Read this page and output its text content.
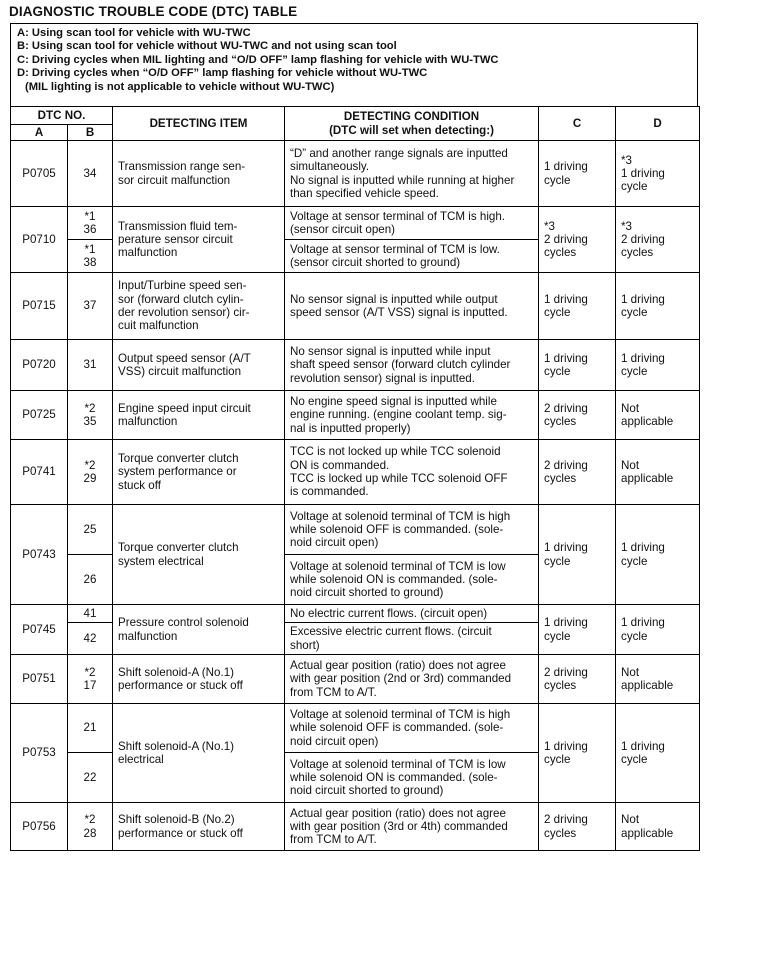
DIAGNOSTIC TROUBLE CODE (DTC) TABLE
A: Using scan tool for vehicle with WU-TWC
B: Using scan tool for vehicle without WU-TWC and not using scan tool
C: Driving cycles when MIL lighting and “O/D OFF” lamp flashing for vehicle with WU-TWC
D: Driving cycles when “O/D OFF” lamp flashing for vehicle without WU-TWC
(MIL lighting is not applicable to vehicle without WU-TWC)
DTC NO.		DETECTING ITEM	DETECTING CONDITION
(DTC will set when detecting:)	C	D
A	B				
P0705	34	Transmission range sen-
sor circuit malfunction	“D” and another range signals are inputted
simultaneously.
No signal is inputted while running at higher
than specified vehicle speed.	1 driving
cycle	*3
1 driving
cycle
P0710	*1
36	Transmission fluid tem-
perature sensor circuit
malfunction	Voltage at sensor terminal of TCM is high.
(sensor circuit open)	*3
2 driving
cycles	*3
2 driving
cycles
	*1
38		Voltage at sensor terminal of TCM is low.
(sensor circuit shorted to ground)		
P0715	37	Input/Turbine speed sen-
sor (forward clutch cylin-
der revolution sensor) cir-
cuit malfunction	No sensor signal is inputted while output
speed sensor (A/T VSS) signal is inputted.	1 driving
cycle	1 driving
cycle
P0720	31	Output speed sensor (A/T
VSS) circuit malfunction	No sensor signal is inputted while input
shaft speed sensor (forward clutch cylinder
revolution sensor) signal is inputted.	1 driving
cycle	1 driving
cycle
P0725	*2
35	Engine speed input circuit
malfunction	No engine speed signal is inputted while
engine running. (engine coolant temp. sig-
nal is inputted properly)	2 driving
cycles	Not
applicable
P0741	*2
29	Torque converter clutch
system performance or
stuck off	TCC is not locked up while TCC solenoid
ON is commanded.
TCC is locked up while TCC solenoid OFF
is commanded.	2 driving
cycles	Not
applicable
P0743	25	Torque converter clutch
system electrical	Voltage at solenoid terminal of TCM is high
while solenoid OFF is commanded. (sole-
noid circuit open)	1 driving
cycle	1 driving
cycle
	26		Voltage at solenoid terminal of TCM is low
while solenoid ON is commanded. (sole-
noid circuit shorted to ground)		
P0745	41	Pressure control solenoid
malfunction	No electric current flows. (circuit open)	1 driving
cycle	1 driving
cycle
	42		Excessive electric current flows. (circuit
short)		
P0751	*2
17	Shift solenoid-A (No.1)
performance or stuck off	Actual gear position (ratio) does not agree
with gear position (2nd or 3rd) commanded
from TCM to A/T.	2 driving
cycles	Not
applicable
P0753	21	Shift solenoid-A (No.1)
electrical	Voltage at solenoid terminal of TCM is high
while solenoid OFF is commanded. (sole-
noid circuit open)	1 driving
cycle	1 driving
cycle
	22		Voltage at solenoid terminal of TCM is low
while solenoid ON is commanded. (sole-
noid circuit shorted to ground)		
P0756	*2
28	Shift solenoid-B (No.2)
performance or stuck off	Actual gear position (ratio) does not agree
with gear position (3rd or 4th) commanded
from TCM to A/T.	2 driving
cycles	Not
applicable
